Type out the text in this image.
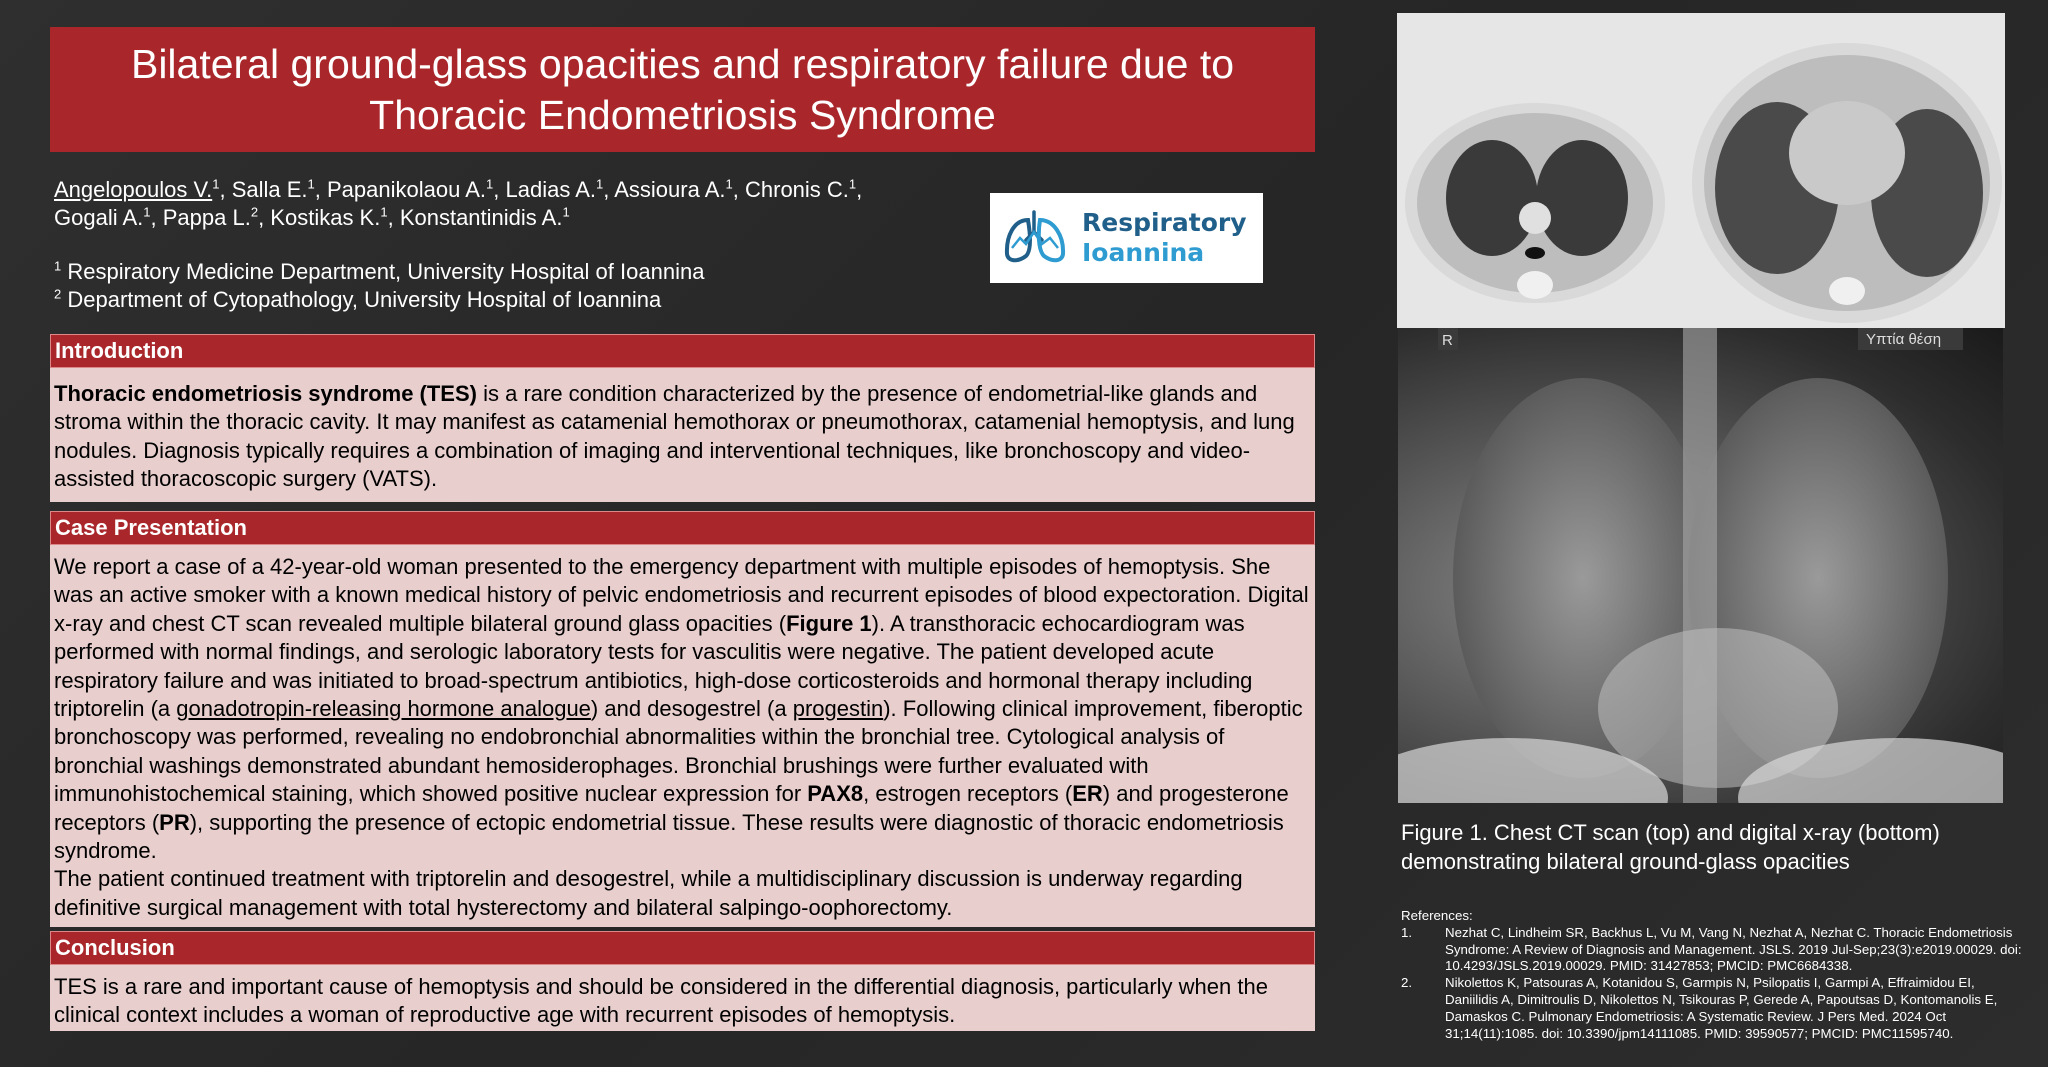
Bilateral ground-glass opacities and respiratory failure due to
Thoracic Endometriosis Syndrome
Angelopoulos V.$^1$, Salla E.$^1$, Papanikolaou A.$^1$, Ladias A.$^1$, Assioura A.$^1$, Chronis C.$^1$,
Gogali A.$^1$, Pappa L.$^2$, Kostikas K.$^1$, Konstantinidis A.$^1$
$^1$ Respiratory Medicine Department, University Hospital of Ioannina
$^2$ Department of Cytopathology, University Hospital of Ioannina
Respiratory
Ioannina
Introduction
Thoracic endometriosis syndrome (TES) is a rare condition characterized by the presence of endometrial-like glands and stroma within the thoracic cavity. It may manifest as catamenial hemothorax or pneumothorax, catamenial hemoptysis, and lung nodules. Diagnosis typically requires a combination of imaging and interventional techniques, like bronchoscopy and video-assisted thoracoscopic surgery (VATS).
Case Presentation
We report a case of a 42-year-old woman presented to the emergency department with multiple episodes of hemoptysis. She was an active smoker with a known medical history of pelvic endometriosis and recurrent episodes of blood expectoration. Digital x-ray and chest CT scan revealed multiple bilateral ground glass opacities (Figure 1). A transthoracic echocardiogram was performed with normal findings, and serologic laboratory tests for vasculitis were negative. The patient developed acute respiratory failure and was initiated to broad-spectrum antibiotics, high-dose corticosteroids and hormonal therapy including triptorelin (a gonadotropin-releasing hormone analogue) and desogestrel (a progestin). Following clinical improvement, fiberoptic bronchoscopy was performed, revealing no endobronchial abnormalities within the bronchial tree. Cytological analysis of bronchial washings demonstrated abundant hemosiderophages. Bronchial brushings were further evaluated with immunohistochemical staining, which showed positive nuclear expression for PAX8, estrogen receptors (ER) and progesterone receptors (PR), supporting the presence of ectopic endometrial tissue. These results were diagnostic of thoracic endometriosis syndrome.
The patient continued treatment with triptorelin and desogestrel, while a multidisciplinary discussion is underway regarding definitive surgical management with total hysterectomy and bilateral salpingo-oophorectomy.
Conclusion
TES is a rare and important cause of hemoptysis and should be considered in the differential diagnosis, particularly when the clinical context includes a woman of reproductive age with recurrent episodes of hemoptysis.
R	Υπτία θέση
Figure 1. Chest CT scan (top) and digital x-ray (bottom) demonstrating bilateral ground-glass opacities
References:
1.	Nezhat C, Lindheim SR, Backhus L, Vu M, Vang N, Nezhat A, Nezhat C. Thoracic Endometriosis Syndrome: A Review of Diagnosis and Management. JSLS. 2019 Jul-Sep;23(3):e2019.00029. doi: 10.4293/JSLS.2019.00029. PMID: 31427853; PMCID: PMC6684338.
2.	Nikolettos K, Patsouras A, Kotanidou S, Garmpis N, Psilopatis I, Garmpi A, Effraimidou EI, Daniilidis A, Dimitroulis D, Nikolettos N, Tsikouras P, Gerede A, Papoutsas D, Kontomanolis E, Damaskos C. Pulmonary Endometriosis: A Systematic Review. J Pers Med. 2024 Oct 31;14(11):1085. doi: 10.3390/jpm14111085. PMID: 39590577; PMCID: PMC11595740.
